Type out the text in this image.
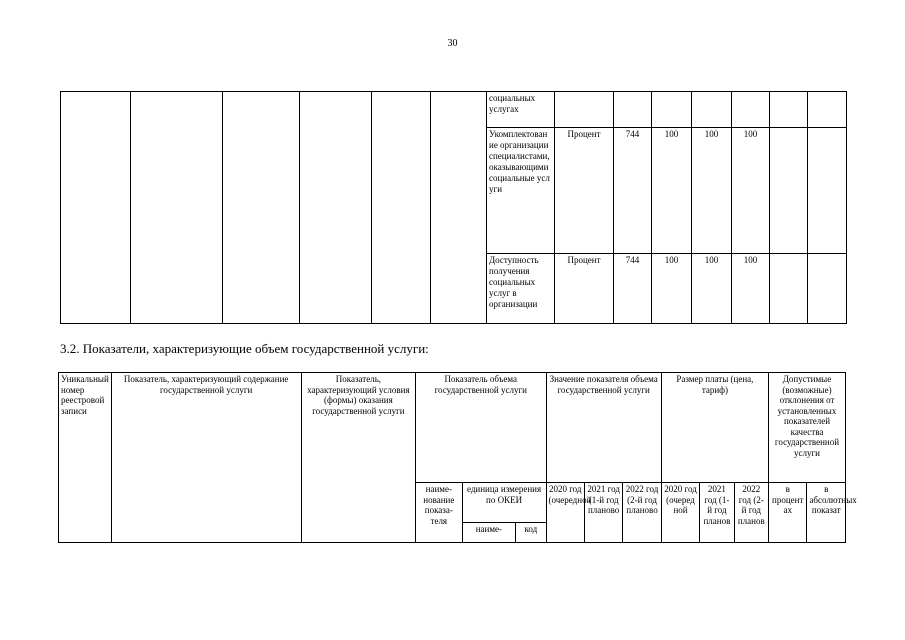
30
						социальных услугах							
						Укомплектование организации специалистами, оказывающими социальные услуги	Процент	744	100	100	100		
						Доступность получения социальных услуг в организации	Процент	744	100	100	100		
3.2. Показатели, характеризующие объем государственной услуги:
Уникальный номер реестровой записи	Показатель, характеризующий содержание государственной услуги	Показатель, характеризующий условия (формы) оказания государственной услуги	Показатель объема государственной услуги			Значение показателя объема государственной услуги			Размер платы (цена, тариф)			Допустимые (возможные) отклонения от установленных показателей качества государственной услуги	
			наиме-нование показа-теля	единица измерения по ОКЕИ		2020 год (очередной	2021 год (1-й год планово	2022 год (2-й год планово	2020 год (очеред ной	2021 год (1-й год планов	2022 год (2-й год планов	в процент ах	в абсолютных показат
				наиме-	код								
